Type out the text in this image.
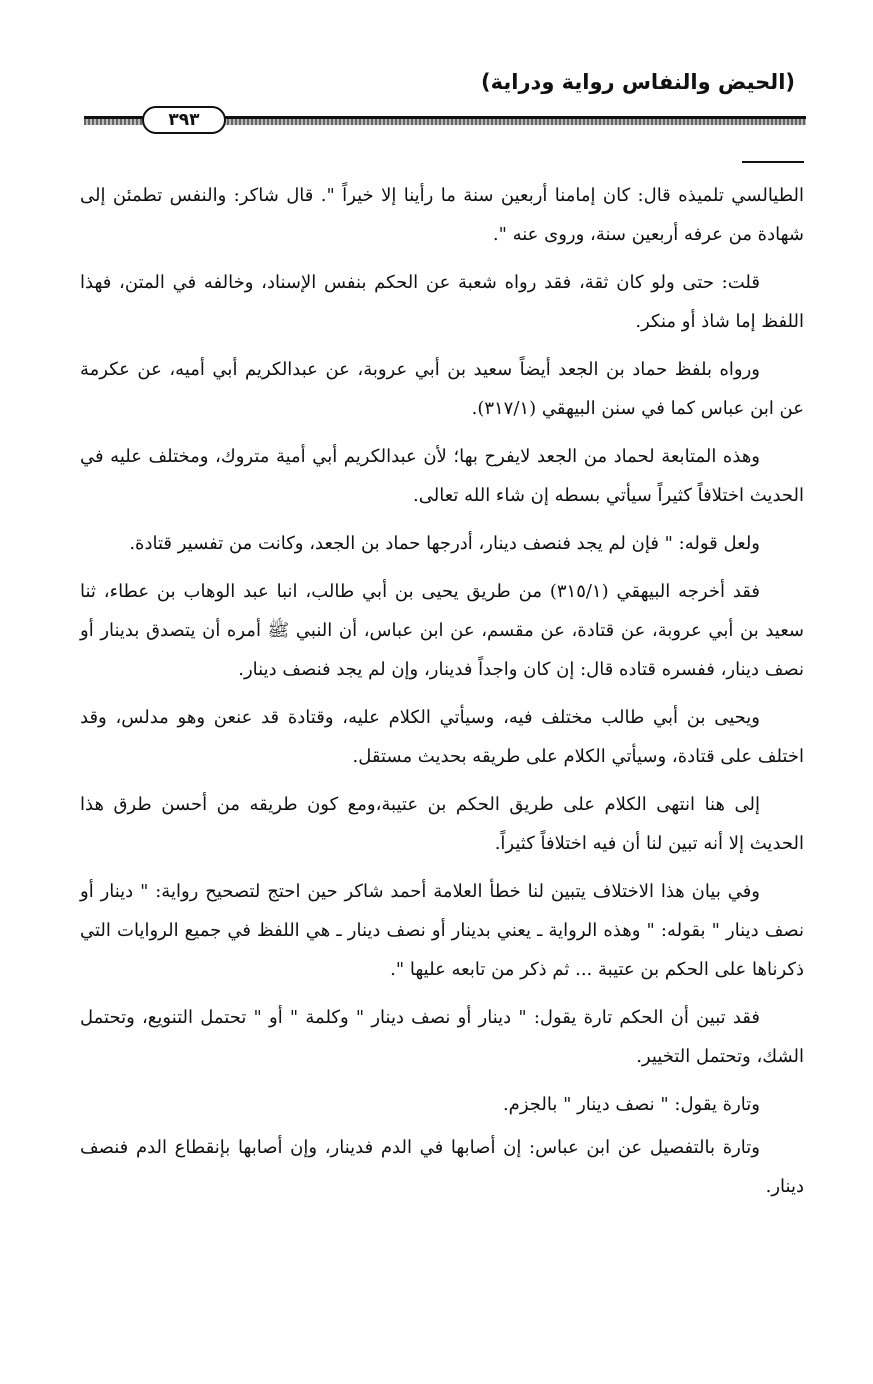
(الحيض والنفاس رواية ودراية)
٣٩٣

الطيالسي تلميذه قال: كان إمامنا أربعين سنة ما رأينا إلا خيراً ". قال شاكر: والنفس تطمئن إلى شهادة من عرفه أربعين سنة، وروى عنه ".

قلت: حتى ولو كان ثقة، فقد رواه شعبة عن الحكم بنفس الإسناد، وخالفه في المتن، فهذا اللفظ إما شاذ أو منكر.

ورواه بلفظ حماد بن الجعد أيضاً سعيد بن أبي عروبة، عن عبدالكريم أبي أميه، عن عكرمة عن ابن عباس كما في سنن البيهقي (٣١٧/١).

وهذه المتابعة لحماد من الجعد لايفرح بها؛ لأن عبدالكريم أبي أمية متروك، ومختلف عليه في الحديث اختلافاً كثيراً سيأتي بسطه إن شاء الله تعالى.

ولعل قوله: " فإن لم يجد فنصف دينار، أدرجها حماد بن الجعد، وكانت من تفسير قتادة.

فقد أخرجه البيهقي (٣١٥/١) من طريق يحيى بن أبي طالب، انبا عبد الوهاب بن عطاء، ثنا سعيد بن أبي عروبة، عن قتادة، عن مقسم، عن ابن عباس، أن النبي ﷺ أمره أن يتصدق بدينار أو نصف دينار، ففسره قتاده قال: إن كان واجداً فدينار، وإن لم يجد فنصف دينار.

ويحيى بن أبي طالب مختلف فيه، وسيأتي الكلام عليه، وقتادة قد عنعن وهو مدلس، وقد اختلف على قتادة، وسيأتي الكلام على طريقه بحديث مستقل.

إلى هنا انتهى الكلام على طريق الحكم بن عتيبة،ومع كون طريقه من أحسن طرق هذا الحديث إلا أنه تبين لنا أن فيه اختلافاً كثيراً.

وفي بيان هذا الاختلاف يتبين لنا خطأ العلامة أحمد شاكر حين احتج لتصحيح رواية: " دينار أو نصف دينار " بقوله: " وهذه الرواية ـ يعني بدينار أو نصف دينار ـ هي اللفظ في جميع الروايات التي ذكرناها على الحكم بن عتيبة ... ثم ذكر من تابعه عليها ".

فقد تبين أن الحكم تارة يقول: " دينار أو نصف دينار " وكلمة " أو " تحتمل التنويع، وتحتمل الشك، وتحتمل التخيير.

وتارة يقول: " نصف دينار " بالجزم.

وتارة بالتفصيل عن ابن عباس: إن أصابها في الدم فدينار، وإن أصابها بإنقطاع الدم فنصف دينار.
